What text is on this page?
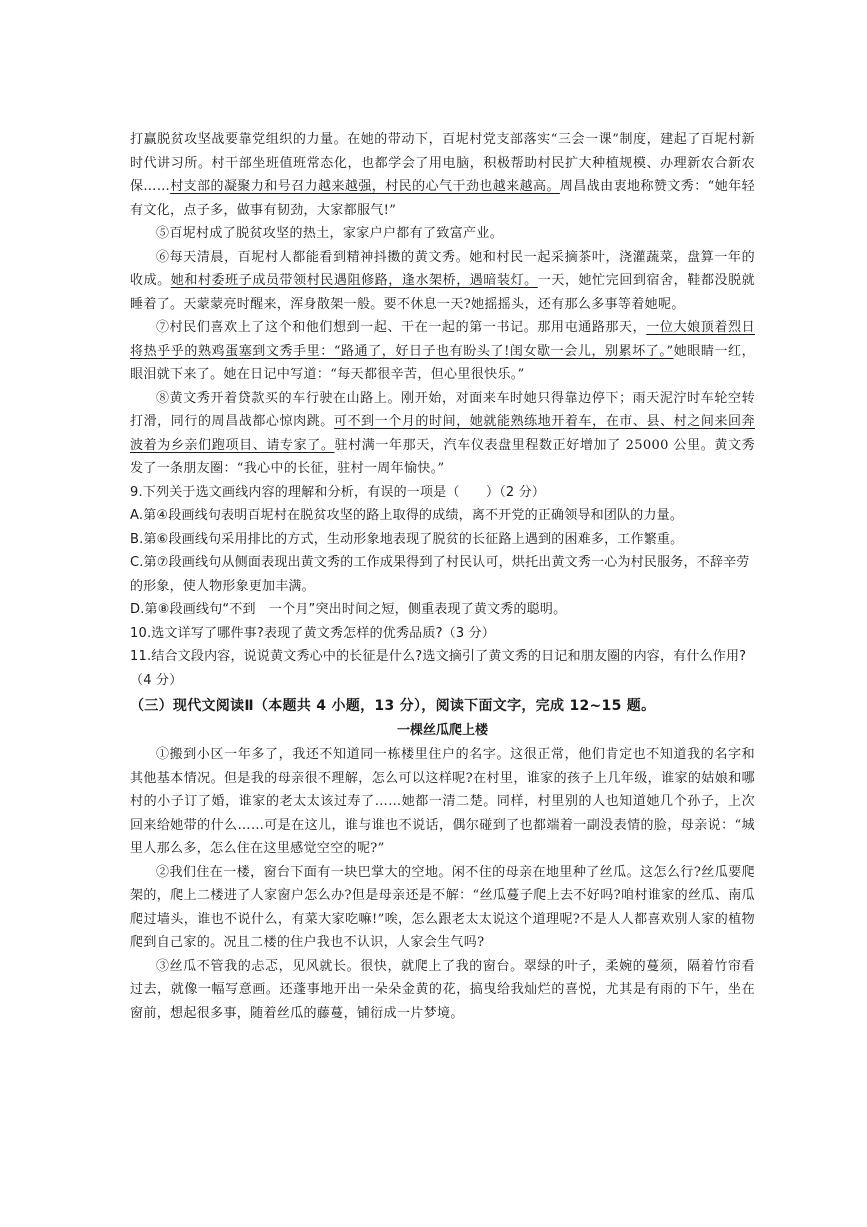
打赢脱贫攻坚战要靠党组织的力量。在她的带动下，百坭村党支部落实“三会一课”制度，建起了百坭村新时代讲习所。村干部坐班值班常态化，也都学会了用电脑，积极帮助村民扩大种植规模、办理新农合新农保……村支部的凝聚力和号召力越来越强，村民的心气干劲也越来越高。周昌战由衷地称赞文秀：“她年轻有文化，点子多，做事有韧劲，大家都服气!”

⑤百坭村成了脱贫攻坚的热土，家家户户都有了致富产业。

⑥每天清晨，百坭村人都能看到精神抖擞的黄文秀。她和村民一起采摘茶叶，浇灌蔬菜，盘算一年的收成。她和村委班子成员带领村民遇阻修路，逢水架桥，遇暗装灯。一天，她忙完回到宿舍，鞋都没脱就睡着了。天蒙蒙亮时醒来，浑身散架一般。要不休息一天?她摇摇头，还有那么多事等着她呢。

⑦村民们喜欢上了这个和他们想到一起、干在一起的第一书记。那用屯通路那天，一位大娘顶着烈日将热乎乎的熟鸡蛋塞到文秀手里：“路通了，好日子也有盼头了!闺女歇一会儿，别累坏了。”她眼睛一红，眼泪就下来了。她在日记中写道：“每天都很辛苦，但心里很快乐。”

⑧黄文秀开着贷款买的车行驶在山路上。刚开始，对面来车时她只得靠边停下；雨天泥泞时车轮空转打滑，同行的周昌战都心惊肉跳。可不到一个月的时间，她就能熟练地开着车，在市、县、村之间来回奔波着为乡亲们跑项目、请专家了。驻村满一年那天，汽车仪表盘里程数正好增加了 25000 公里。黄文秀发了一条朋友圈：“我心中的长征，驻村一周年愉快。”

9.下列关于选文画线内容的理解和分析，有误的一项是（　　）（2 分）

A.第④段画线句表明百坭村在脱贫攻坚的路上取得的成绩，离不开党的正确领导和团队的力量。

B.第⑥段画线句采用排比的方式，生动形象地表现了脱贫的长征路上遇到的困难多，工作繁重。

C.第⑦段画线句从侧面表现出黄文秀的工作成果得到了村民认可，烘托出黄文秀一心为村民服务，不辞辛劳的形象，使人物形象更加丰满。

D.第⑧段画线句“不到　一个月”突出时间之短，侧重表现了黄文秀的聪明。

10.选文详写了哪件事?表现了黄文秀怎样的优秀品质?（3 分）

11.结合文段内容，说说黄文秀心中的长征是什么?选文摘引了黄文秀的日记和朋友圈的内容，有什么作用?（4 分）

（三）现代文阅读Ⅱ（本题共 4 小题，13 分），阅读下面文字，完成 12~15 题。

一棵丝瓜爬上楼

①搬到小区一年多了，我还不知道同一栋楼里住户的名字。这很正常，他们肯定也不知道我的名字和其他基本情况。但是我的母亲很不理解，怎么可以这样呢?在村里，谁家的孩子上几年级，谁家的姑娘和哪村的小子订了婚，谁家的老太太该过寿了……她都一清二楚。同样，村里别的人也知道她几个孙子，上次回来给她带的什么……可是在这儿，谁与谁也不说话，偶尔碰到了也都端着一副没表情的脸，母亲说：“城里人那么多，怎么住在这里感觉空空的呢?”

②我们住在一楼，窗台下面有一块巴掌大的空地。闲不住的母亲在地里种了丝瓜。这怎么行?丝瓜要爬架的，爬上二楼进了人家窗户怎么办?但是母亲还是不解：“丝瓜蔓子爬上去不好吗?咱村谁家的丝瓜、南瓜爬过墙头，谁也不说什么，有菜大家吃嘛!”唉，怎么跟老太太说这个道理呢?不是人人都喜欢别人家的植物爬到自己家的。况且二楼的住户我也不认识，人家会生气吗?

③丝瓜不管我的忐忑，见风就长。很快，就爬上了我的窗台。翠绿的叶子，柔婉的蔓须，隔着竹帘看过去，就像一幅写意画。还蓬事地开出一朵朵金黄的花，搞曳给我灿烂的喜悦，尤其是有雨的下午，坐在窗前，想起很多事，随着丝瓜的藤蔓，铺衍成一片梦境。
